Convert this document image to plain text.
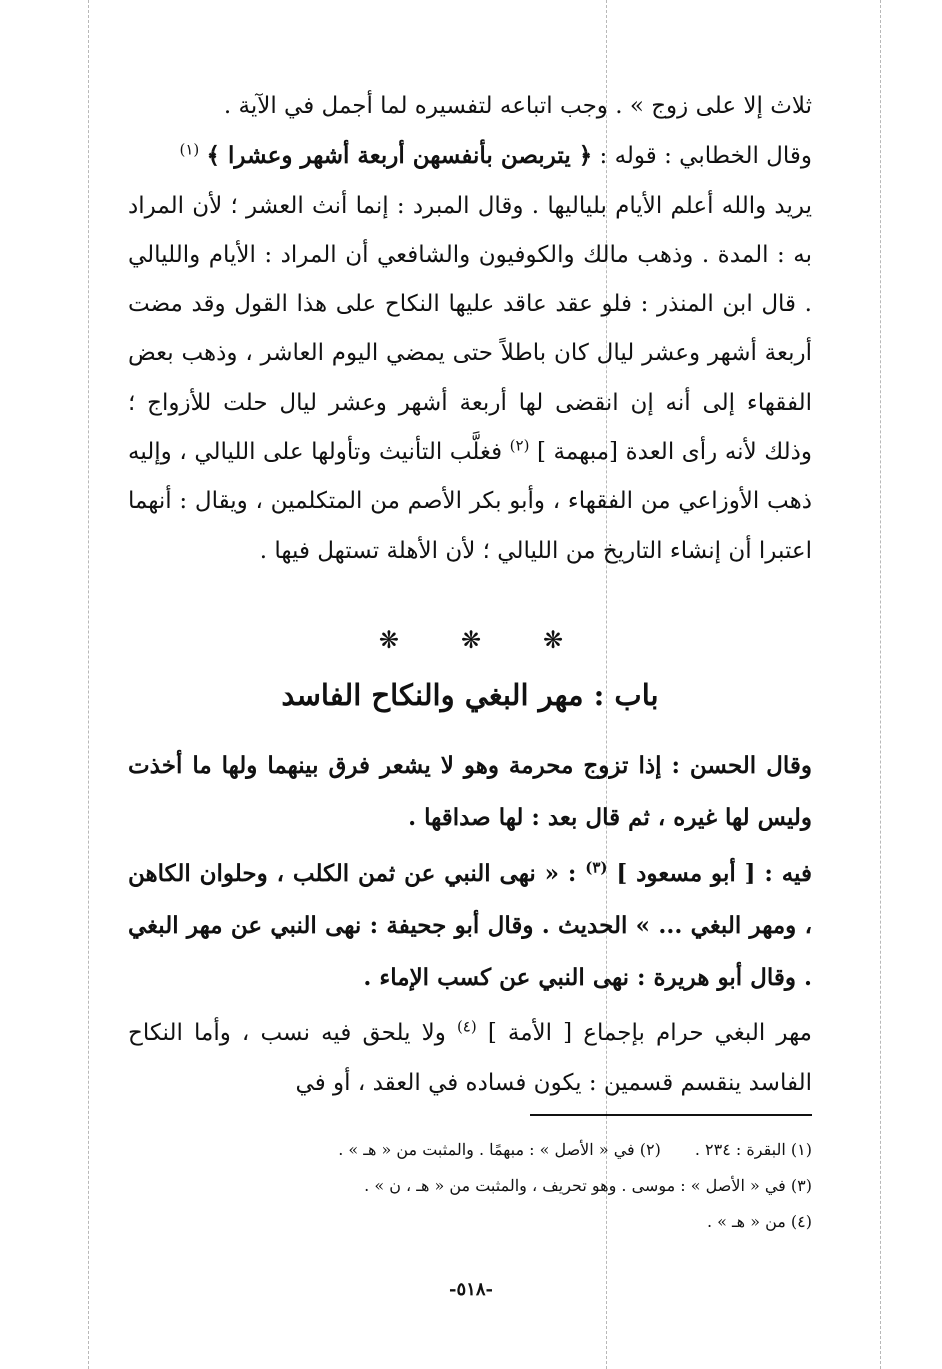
ثلاث إلا على زوج » . وجب اتباعه لتفسيره لما أجمل في الآية .
وقال الخطابي : قوله : ﴿ يتربصن بأنفسهن أربعة أشهر وعشرا ﴾ $^{(١)}$
يريد والله أعلم الأيام بلياليها . وقال المبرد : إنما أنث العشر ؛ لأن المراد به : المدة . وذهب مالك والكوفيون والشافعي أن المراد : الأيام والليالي . قال ابن المنذر : فلو عقد عاقد عليها النكاح على هذا القول وقد مضت أربعة أشهر وعشر ليال كان باطلاً حتى يمضي اليوم العاشر ، وذهب بعض الفقهاء إلى أنه إن انقضى لها أربعة أشهر وعشر ليال حلت للأزواج ؛ وذلك لأنه رأى العدة [مبهمة ] $^{(٢)}$ فغلَّب التأنيث وتأولها على الليالي ، وإليه ذهب الأوزاعي من الفقهاء ، وأبو بكر الأصم من المتكلمين ، ويقال : أنهما اعتبرا أن إنشاء التاريخ من الليالي ؛ لأن الأهلة تستهل فيها .
❋	❋	❋
باب : مهر البغي والنكاح الفاسد
وقال الحسن : إذا تزوج محرمة وهو لا يشعر فرق بينهما ولها ما أخذت وليس لها غيره ، ثم قال بعد : لها صداقها .
فيه : [ أبو مسعود ] $^{(٣)}$ : « نهى النبي عن ثمن الكلب ، وحلوان الكاهن ، ومهر البغي ... » الحديث . وقال أبو جحيفة : نهى النبي عن مهر البغي . وقال أبو هريرة : نهى النبي عن كسب الإماء .
مهر البغي حرام بإجماع [ الأمة ] $^{(٤)}$ ولا يلحق فيه نسب ، وأما النكاح الفاسد ينقسم قسمين : يكون فساده في العقد ، أو في
(١) البقرة : ٢٣٤ .(٢) في « الأصل » : مبهمًا . والمثبت من « هـ » .
(٣) في « الأصل » : موسى . وهو تحريف ، والمثبت من « هـ ، ن » .
(٤) من « هـ » .
-٥١٨-
